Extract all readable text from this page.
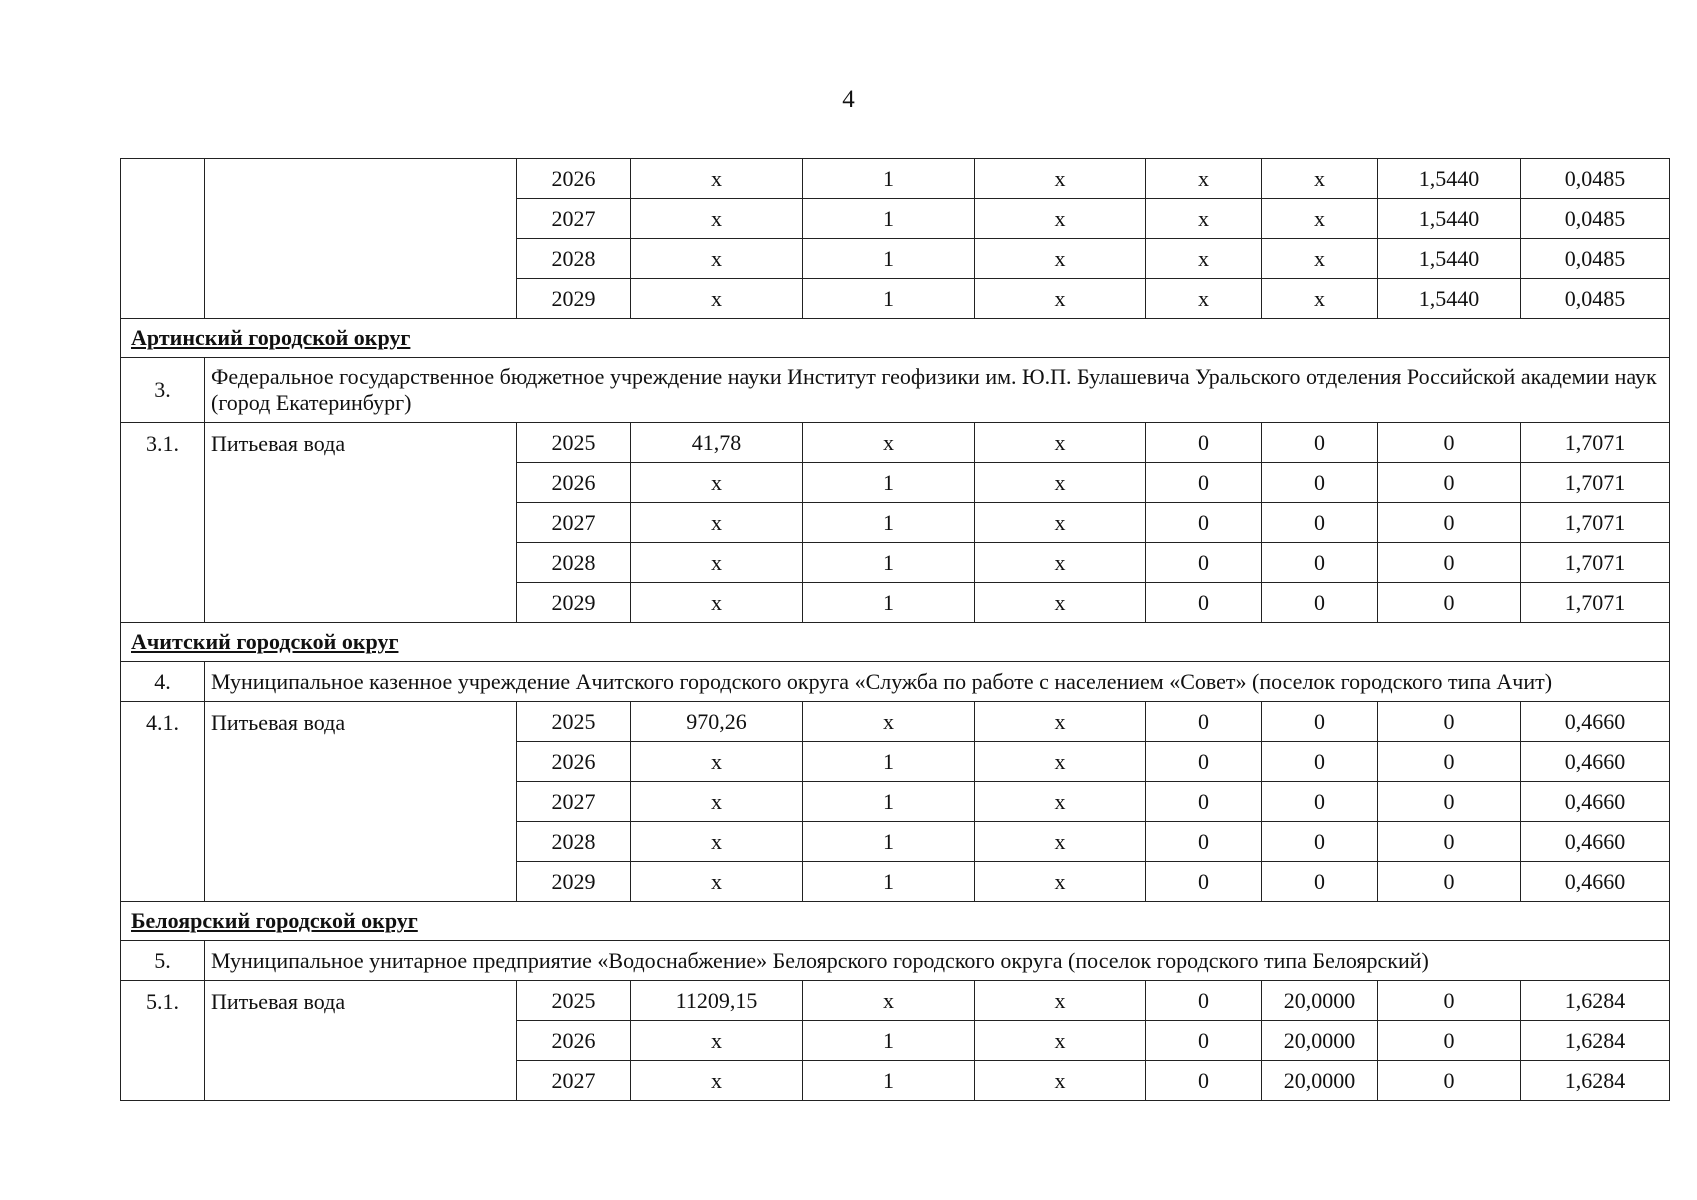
4
		2026	х	1	х	х	х	1,5440	0,0485
		2027	х	1	х	х	х	1,5440	0,0485
		2028	х	1	х	х	х	1,5440	0,0485
		2029	х	1	х	х	х	1,5440	0,0485
Артинский городской округ									
3.	Федеральное государственное бюджетное учреждение науки Институт геофизики им. Ю.П. Булашевича Уральского отделения Российской академии наук (город Екатеринбург)								
3.1.	Питьевая вода	2025	41,78	х	х	0	0	0	1,7071
		2026	х	1	х	0	0	0	1,7071
		2027	х	1	х	0	0	0	1,7071
		2028	х	1	х	0	0	0	1,7071
		2029	х	1	х	0	0	0	1,7071
Ачитский городской округ									
4.	Муниципальное казенное учреждение Ачитского городского округа «Служба по работе с населением «Совет» (поселок городского типа Ачит)								
4.1.	Питьевая вода	2025	970,26	х	х	0	0	0	0,4660
		2026	х	1	х	0	0	0	0,4660
		2027	х	1	х	0	0	0	0,4660
		2028	х	1	х	0	0	0	0,4660
		2029	х	1	х	0	0	0	0,4660
Белоярский городской округ									
5.	Муниципальное унитарное предприятие «Водоснабжение» Белоярского городского округа (поселок городского типа Белоярский)								
5.1.	Питьевая вода	2025	11209,15	х	х	0	20,0000	0	1,6284
		2026	х	1	х	0	20,0000	0	1,6284
		2027	х	1	х	0	20,0000	0	1,6284
